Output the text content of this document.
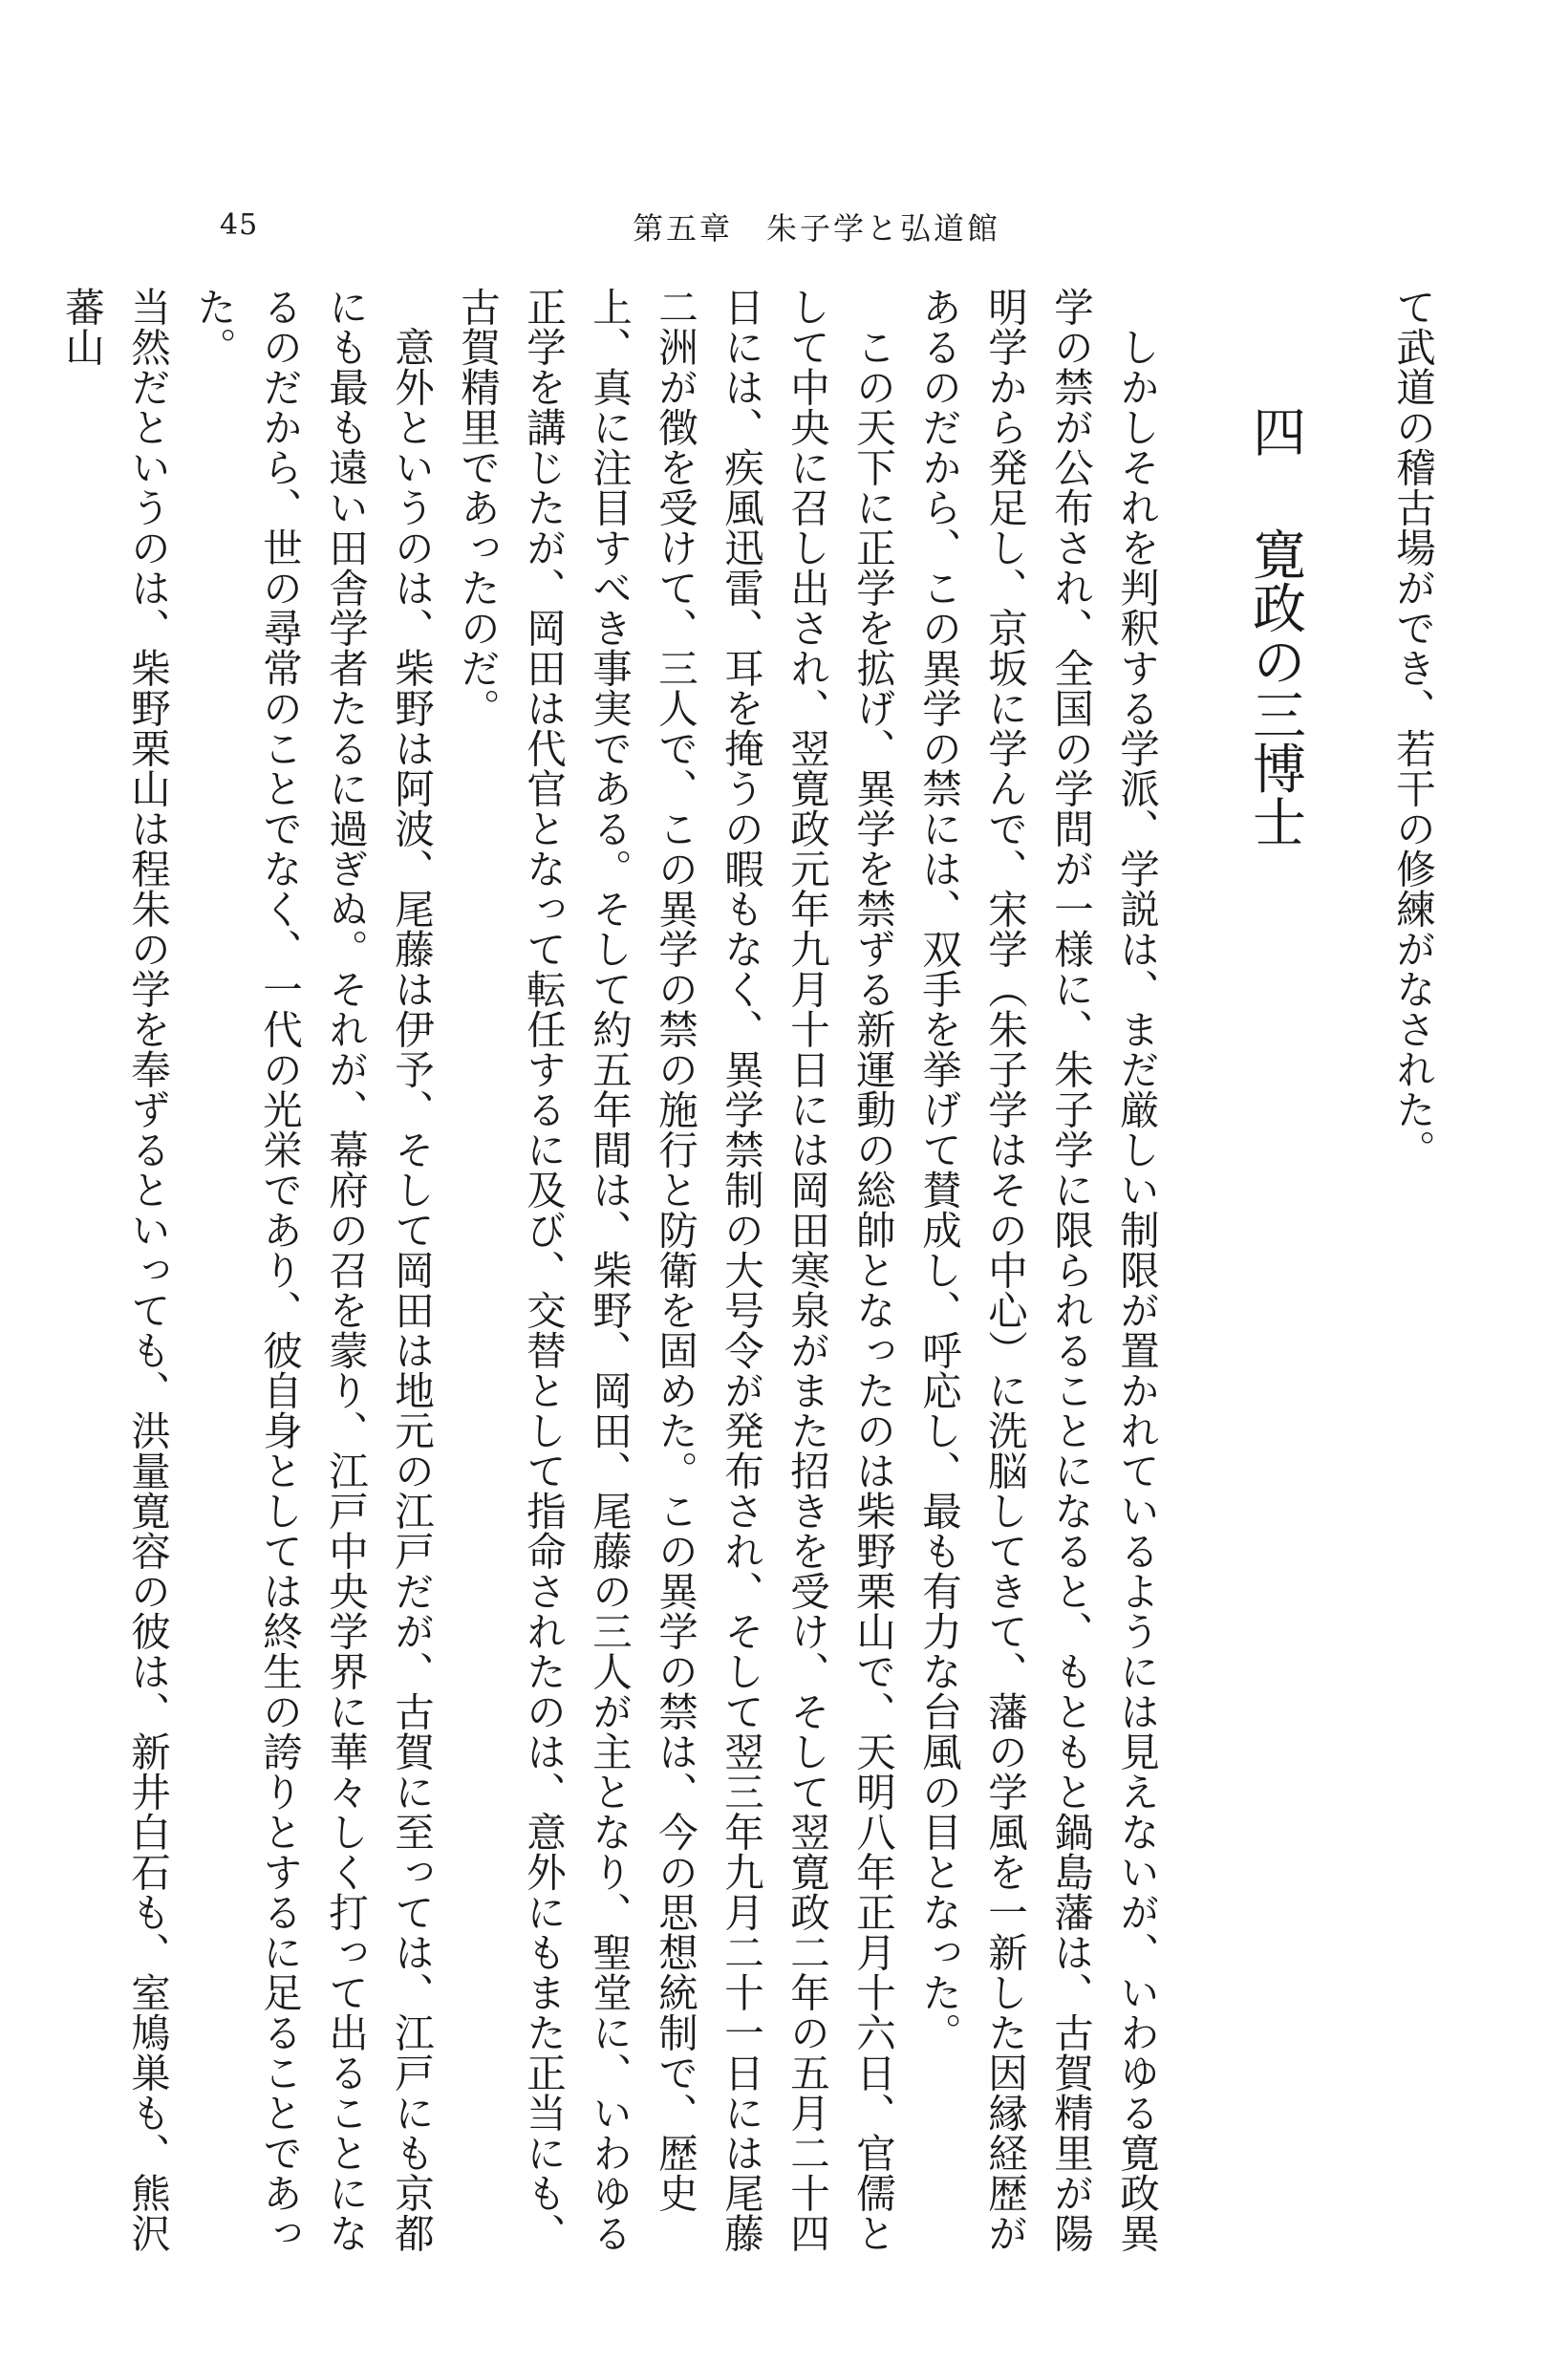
45	第五章　朱子学と弘道館

て武道の稽古場ができ、若干の修練がなされた。

四寛政の三博士

しかしそれを判釈する学派、学説は、まだ厳しい制限が置かれているようには見えないが、いわゆる寛政異学の禁が公布され、全国の学問が一様に、朱子学に限られることになると、もともと鍋島藩は、古賀精里が陽明学から発足し、京坂に学んで、宋学（朱子学はその中心）に洗脳してきて、藩の学風を一新した因縁経歴があるのだから、この異学の禁には、双手を挙げて賛成し、呼応し、最も有力な台風の目となった。

この天下に正学を拡げ、異学を禁ずる新運動の総帥となったのは柴野栗山で、天明八年正月十六日、官儒として中央に召し出され、翌寛政元年九月十日には岡田寒泉がまた招きを受け、そして翌寛政二年の五月二十四日には、疾風迅雷、耳を掩うの暇もなく、異学禁制の大号令が発布され、そして翌三年九月二十一日には尾藤二洲が徴を受けて、三人で、この異学の禁の施行と防衛を固めた。この異学の禁は、今の思想統制で、歴史上、真に注目すべき事実である。そして約五年間は、柴野、岡田、尾藤の三人が主となり、聖堂に、いわゆる正学を講じたが、岡田は代官となって転任するに及び、交替として指命されたのは、意外にもまた正当にも、古賀精里であったのだ。

意外というのは、柴野は阿波、尾藤は伊予、そして岡田は地元の江戸だが、古賀に至っては、江戸にも京都にも最も遠い田舎学者たるに過ぎぬ。それが、幕府の召を蒙り、江戸中央学界に華々しく打って出ることになるのだから、世の尋常のことでなく、一代の光栄であり、彼自身としては終生の誇りとするに足ることであった。

当然だというのは、柴野栗山は程朱の学を奉ずるといっても、洪量寛容の彼は、新井白石も、室鳩巣も、熊沢蕃山
